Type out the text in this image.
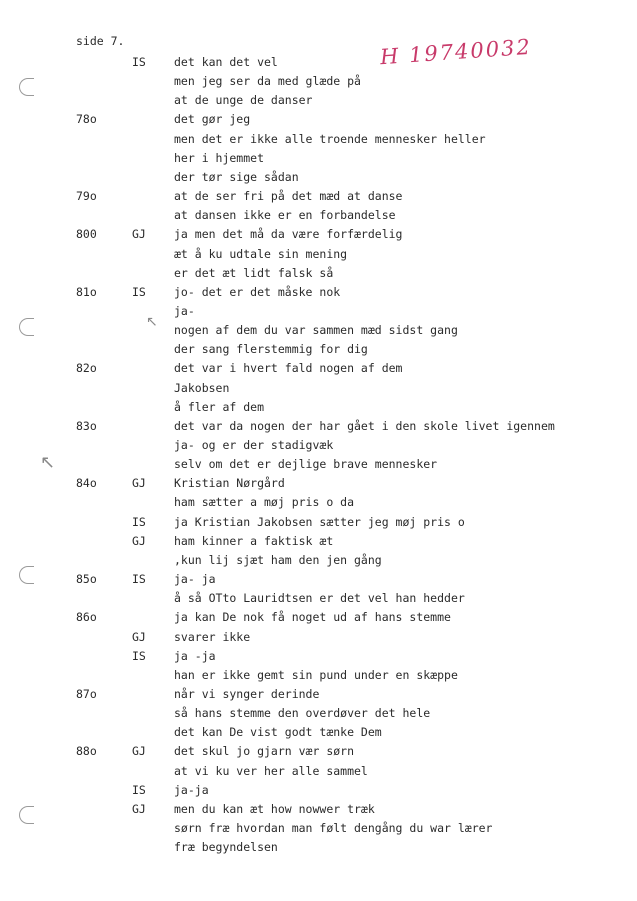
side 7.	H 19740032
↖
↖
IS det kan det vel
men jeg ser da med glæde på
at de unge de danser
78o	det gør jeg
men det er ikke alle troende mennesker heller
her i hjemmet
der tør sige sådan
79o	at de ser fri på det mæd at danse
at dansen ikke er en forbandelse
800	GJ ja men det må da være forfærdelig
æt å ku udtale sin mening
er det æt lidt falsk så
81o	IS jo- det er det måske nok
ja-
nogen af dem du var sammen mæd sidst gang
der sang flerstemmig for dig
82o	det var i hvert fald nogen af dem
Jakobsen
å fler af dem
83o	det var da nogen der har gået i den skole livet igennem
ja- og er der stadigvæk
selv om det er dejlige brave mennesker
84o	GJ Kristian Nørgård
ham sætter a møj pris o da
IS ja Kristian Jakobsen sætter jeg møj pris o
GJ ham kinner a faktisk æt
,kun lij sjæt ham den jen gång
85o	IS ja- ja
å så OTto Lauridtsen er det vel han hedder
86o	ja kan De nok få noget ud af hans stemme
GJ svarer ikke
IS ja -ja
han er ikke gemt sin pund under en skæppe
87o	når vi synger derinde
så hans stemme den overdøver det hele
det kan De vist godt tænke Dem
88o	GJ det skul jo gjarn vær sørn
at vi ku ver her alle sammel
IS ja-ja
GJ men du kan æt how nowwer træk
sørn fræ hvordan man følt dengång du war lærer
fræ begyndelsen
